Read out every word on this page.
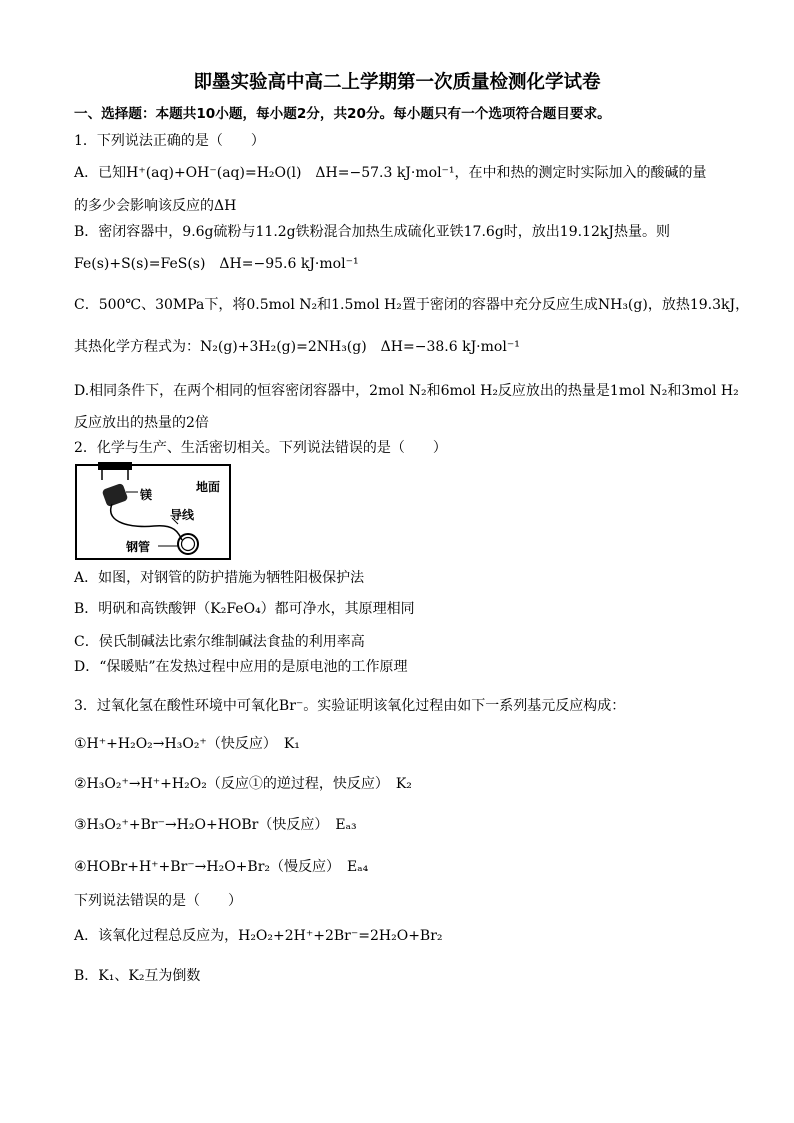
即墨实验高中高二上学期第一次质量检测化学试卷
一、选择题：本题共10小题，每小题2分，共20分。每小题只有一个选项符合题目要求。
1．下列说法正确的是（　　）
A．已知H⁺(aq)+OH⁻(aq)=H₂O(l)　ΔH=−57.3 kJ·mol⁻¹，在中和热的测定时实际加入的酸碱的量
的多少会影响该反应的ΔH
B．密闭容器中，9.6g硫粉与11.2g铁粉混合加热生成硫化亚铁17.6g时，放出19.12kJ热量。则
Fe(s)+S(s)=FeS(s)　ΔH=−95.6 kJ·mol⁻¹
C．500℃、30MPa下，将0.5mol N₂和1.5mol H₂置于密闭的容器中充分反应生成NH₃(g)，放热19.3kJ，
其热化学方程式为：N₂(g)+3H₂(g)=2NH₃(g)　ΔH=−38.6 kJ·mol⁻¹
D.相同条件下，在两个相同的恒容密闭容器中，2mol N₂和6mol H₂反应放出的热量是1mol N₂和3mol H₂
反应放出的热量的2倍
2．化学与生产、生活密切相关。下列说法错误的是（　　）
镁
地面
导线
钢管
A．如图，对钢管的防护措施为牺牲阳极保护法
B．明矾和高铁酸钾（K₂FeO₄）都可净水，其原理相同
C．侯氏制碱法比索尔维制碱法食盐的利用率高
D．“保暖贴”在发热过程中应用的是原电池的工作原理
3．过氧化氢在酸性环境中可氧化Br⁻。实验证明该氧化过程由如下一系列基元反应构成：
①H⁺+H₂O₂→H₃O₂⁺（快反应）　K₁
②H₃O₂⁺→H⁺+H₂O₂（反应①的逆过程，快反应）　K₂
③H₃O₂⁺+Br⁻→H₂O+HOBr（快反应）　Eₐ₃
④HOBr+H⁺+Br⁻→H₂O+Br₂（慢反应）　Eₐ₄
下列说法错误的是（　　）
A．该氧化过程总反应为，H₂O₂+2H⁺+2Br⁻=2H₂O+Br₂
B．K₁、K₂互为倒数
